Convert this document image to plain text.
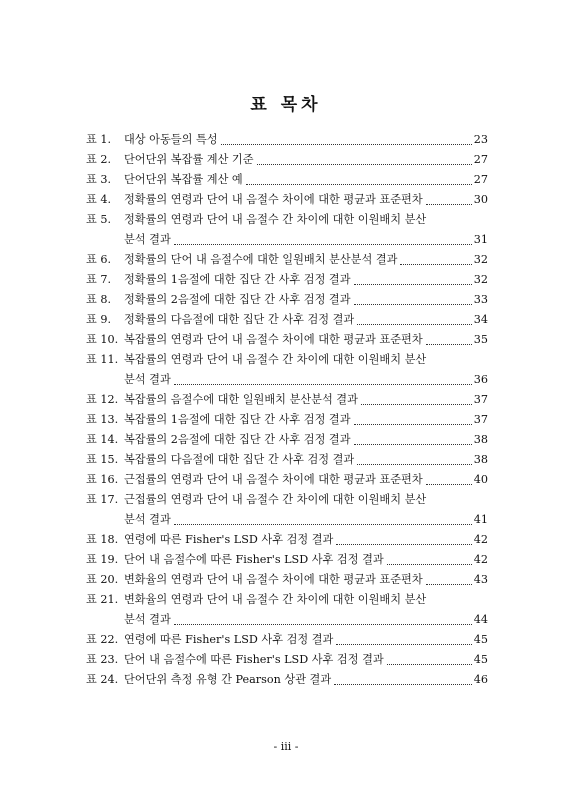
표 목차
표 1.	대상 아동들의 특성	23
표 2.	단어단위 복잡률 계산 기준	27
표 3.	단어단위 복잡률 계산 예	27
표 4.	정확률의 연령과 단어 내 음절수 차이에 대한 평균과 표준편차	30
표 5.	정확률의 연령과 단어 내 음절수 간 차이에 대한 이원배치 분산
분석 결과	31
표 6.	정확률의 단어 내 음절수에 대한 일원배치 분산분석 결과	32
표 7.	정확률의 1음절에 대한 집단 간 사후 검정 결과	32
표 8.	정확률의 2음절에 대한 집단 간 사후 검정 결과	33
표 9.	정확률의 다음절에 대한 집단 간 사후 검정 결과	34
표 10. 복잡률의 연령과 단어 내 음절수 차이에 대한 평균과 표준편차	35
표 11. 복잡률의 연령과 단어 내 음절수 간 차이에 대한 이원배치 분산
분석 결과	36
표 12. 복잡률의 음절수에 대한 일원배치 분산분석 결과	37
표 13. 복잡률의 1음절에 대한 집단 간 사후 검정 결과	37
표 14. 복잡률의 2음절에 대한 집단 간 사후 검정 결과	38
표 15. 복잡률의 다음절에 대한 집단 간 사후 검정 결과	38
표 16. 근접률의 연령과 단어 내 음절수 차이에 대한 평균과 표준편차	40
표 17. 근접률의 연령과 단어 내 음절수 간 차이에 대한 이원배치 분산
분석 결과	41
표 18. 연령에 따른 Fisher's LSD 사후 검정 결과	42
표 19. 단어 내 음절수에 따른 Fisher's LSD 사후 검정 결과	42
표 20. 변화율의 연령과 단어 내 음절수 차이에 대한 평균과 표준편차	43
표 21. 변화율의 연령과 단어 내 음절수 간 차이에 대한 이원배치 분산
분석 결과	44
표 22. 연령에 따른 Fisher's LSD 사후 검정 결과	45
표 23. 단어 내 음절수에 따른 Fisher's LSD 사후 검정 결과	45
표 24. 단어단위 측정 유형 간 Pearson 상관 결과	46
- iii -
